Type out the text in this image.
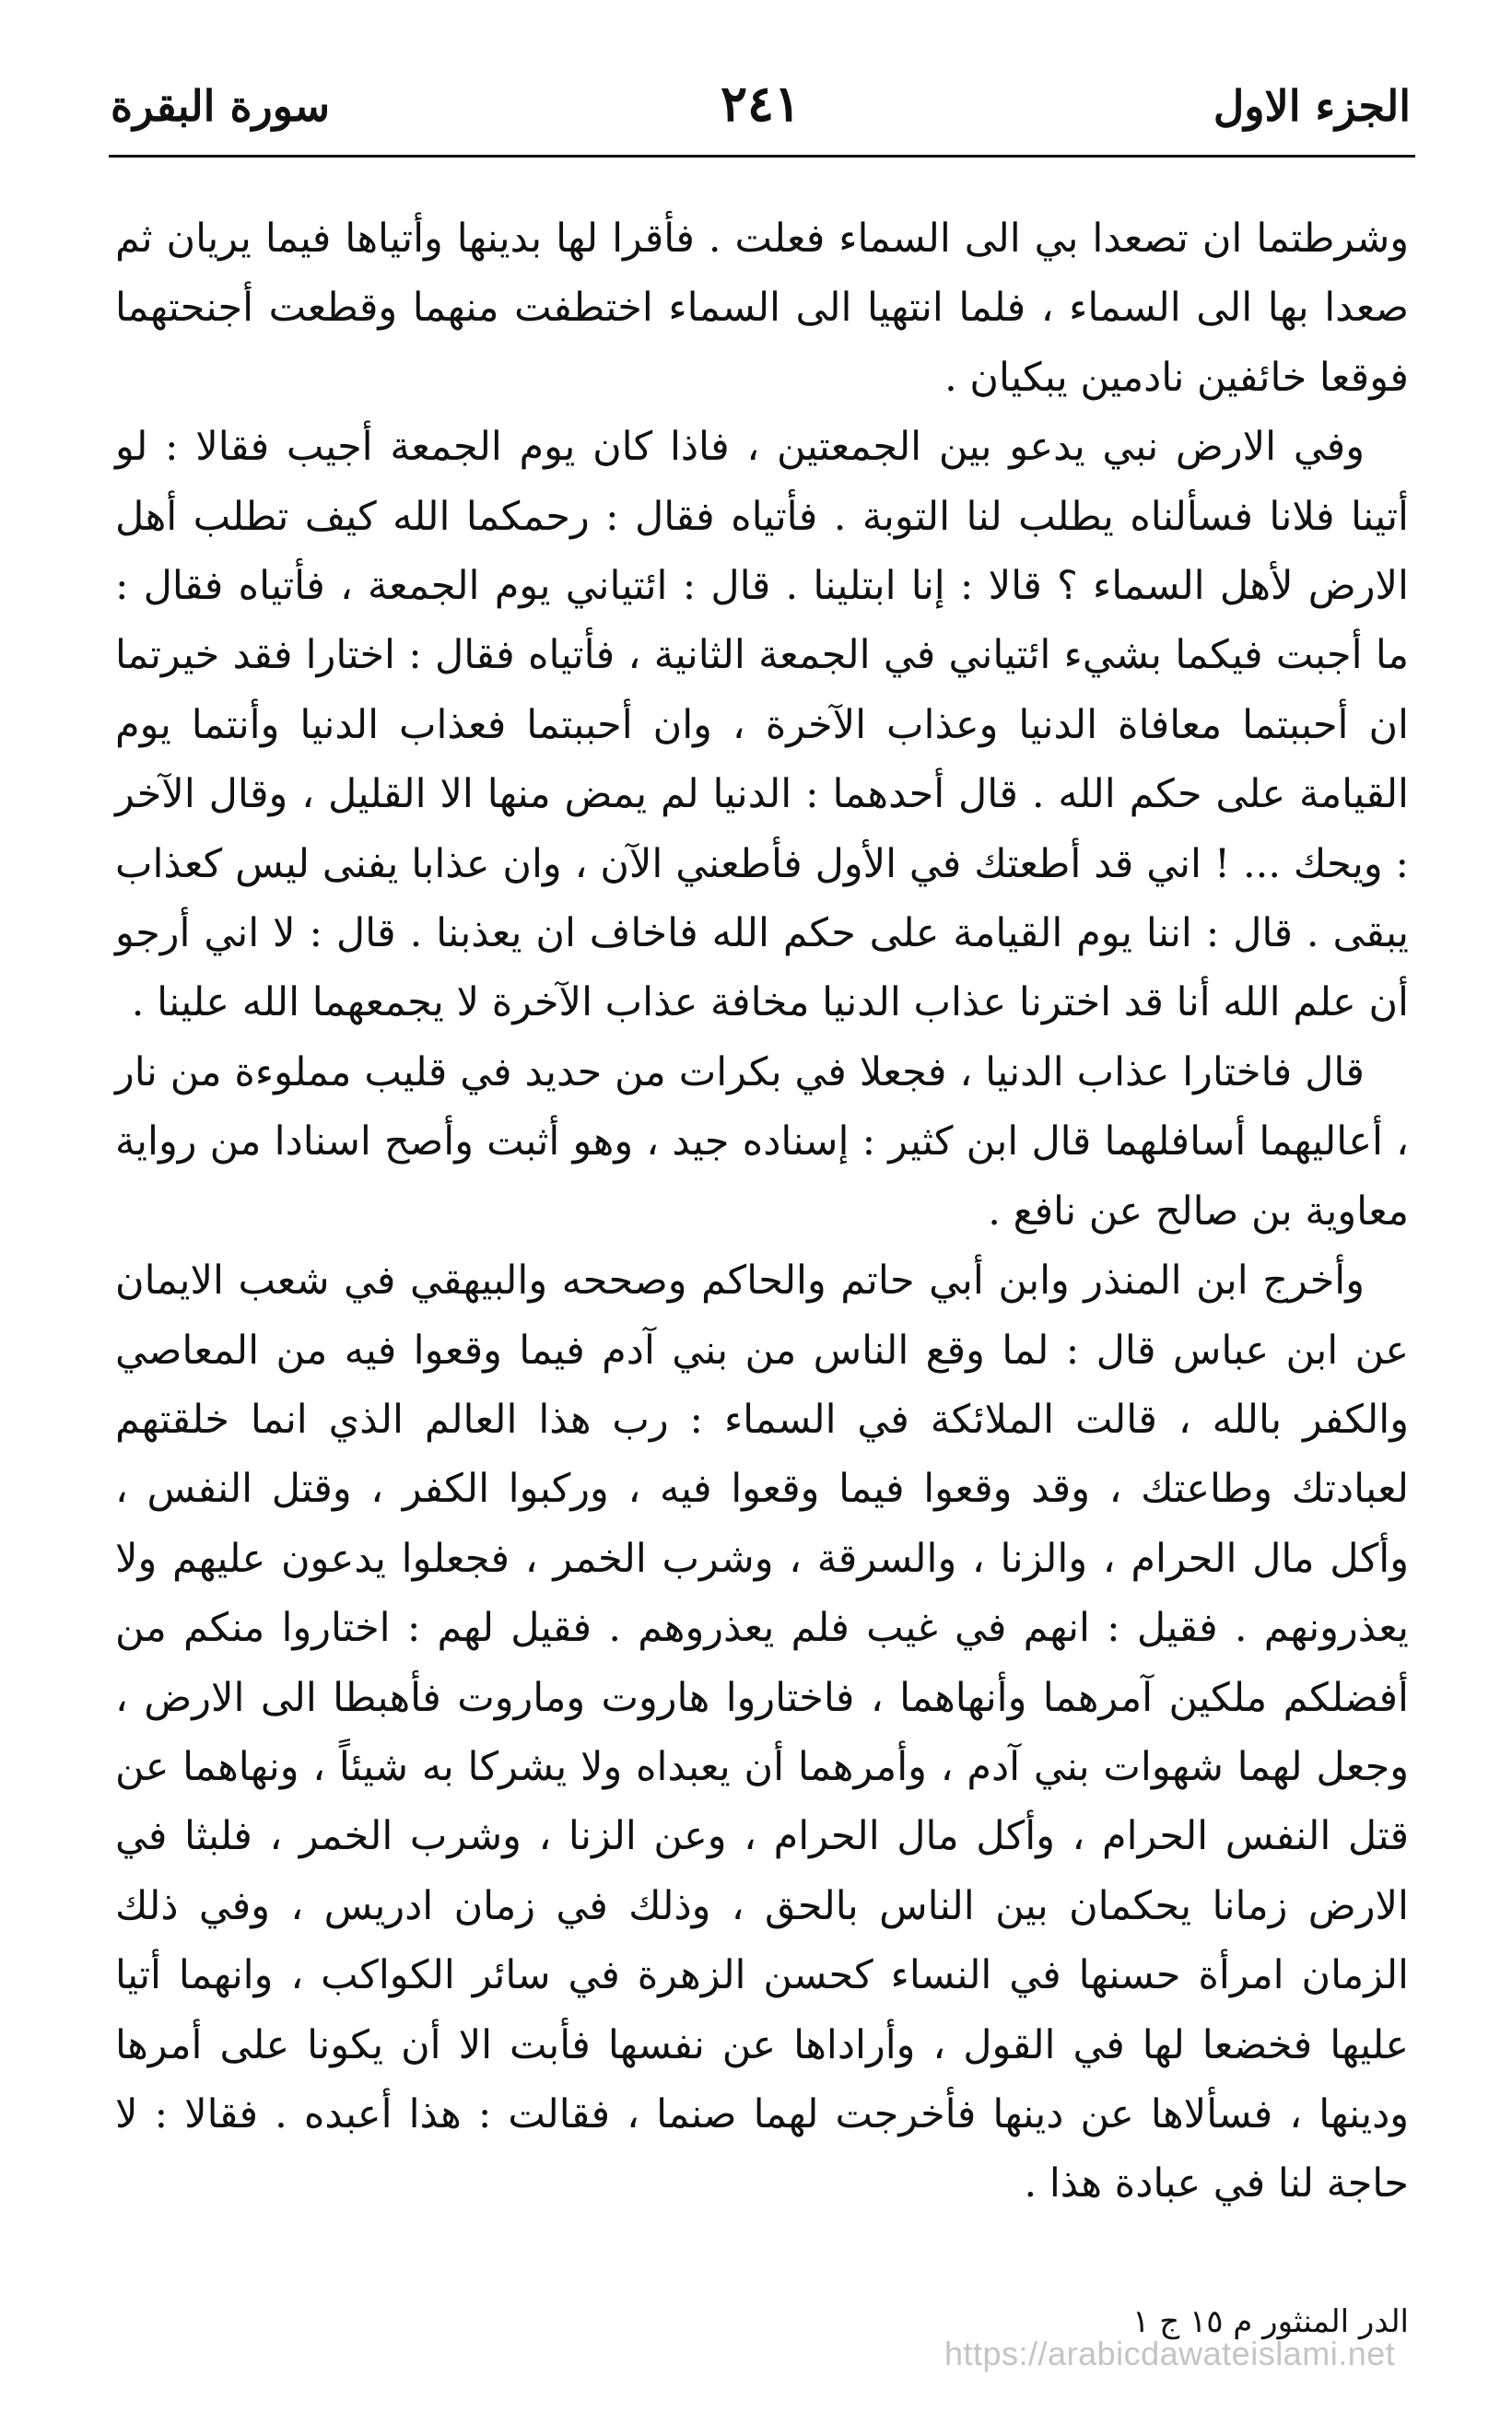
الجزء الاول
٢٤١
سورة البقرة

وشرطتما ان تصعدا بي الى السماء فعلت . فأقرا لها بدينها وأتياها فيما يريان ثم صعدا بها الى السماء ، فلما انتهيا الى السماء اختطفت منهما وقطعت أجنحتهما فوقعا خائفين نادمين يبكيان .

وفي الارض نبي يدعو بين الجمعتين ، فاذا كان يوم الجمعة أجيب فقالا : لو أتينا فلانا فسألناه يطلب لنا التوبة . فأتياه فقال : رحمكما الله كيف تطلب أهل الارض لأهل السماء ؟ قالا : إنا ابتلينا . قال : ائتياني يوم الجمعة ، فأتياه فقال : ما أجبت فيكما بشيء ائتياني في الجمعة الثانية ، فأتياه فقال : اختارا فقد خيرتما ان أحببتما معافاة الدنيا وعذاب الآخرة ، وان أحببتما فعذاب الدنيا وأنتما يوم القيامة على حكم الله . قال أحدهما : الدنيا لم يمض منها الا القليل ، وقال الآخر : ويحك ... ! اني قد أطعتك في الأول فأطعني الآن ، وان عذابا يفنى ليس كعذاب يبقى . قال : اننا يوم القيامة على حكم الله فاخاف ان يعذبنا . قال : لا اني أرجو أن علم الله أنا قد اخترنا عذاب الدنيا مخافة عذاب الآخرة لا يجمعهما الله علينا .

قال فاختارا عذاب الدنيا ، فجعلا في بكرات من حديد في قليب مملوءة من نار ، أعاليهما أسافلهما قال ابن كثير : إسناده جيد ، وهو أثبت وأصح اسنادا من رواية معاوية بن صالح عن نافع .

وأخرج ابن المنذر وابن أبي حاتم والحاكم وصححه والبيهقي في شعب الايمان عن ابن عباس قال : لما وقع الناس من بني آدم فيما وقعوا فيه من المعاصي والكفر بالله ، قالت الملائكة في السماء : رب هذا العالم الذي انما خلقتهم لعبادتك وطاعتك ، وقد وقعوا فيما وقعوا فيه ، وركبوا الكفر ، وقتل النفس ، وأكل مال الحرام ، والزنا ، والسرقة ، وشرب الخمر ، فجعلوا يدعون عليهم ولا يعذرونهم . فقيل : انهم في غيب فلم يعذروهم . فقيل لهم : اختاروا منكم من أفضلكم ملكين آمرهما وأنهاهما ، فاختاروا هاروت وماروت فأهبطا الى الارض ، وجعل لهما شهوات بني آدم ، وأمرهما أن يعبداه ولا يشركا به شيئاً ، ونهاهما عن قتل النفس الحرام ، وأكل مال الحرام ، وعن الزنا ، وشرب الخمر ، فلبثا في الارض زمانا يحكمان بين الناس بالحق ، وذلك في زمان ادريس ، وفي ذلك الزمان امرأة حسنها في النساء كحسن الزهرة في سائر الكواكب ، وانهما أتيا عليها فخضعا لها في القول ، وأراداها عن نفسها فأبت الا أن يكونا على أمرها ودينها ، فسألاها عن دينها فأخرجت لهما صنما ، فقالت : هذا أعبده . فقالا : لا حاجة لنا في عبادة هذا .

الدر المنثور م ١٥ ج ١
https://arabicdawateislami.net
